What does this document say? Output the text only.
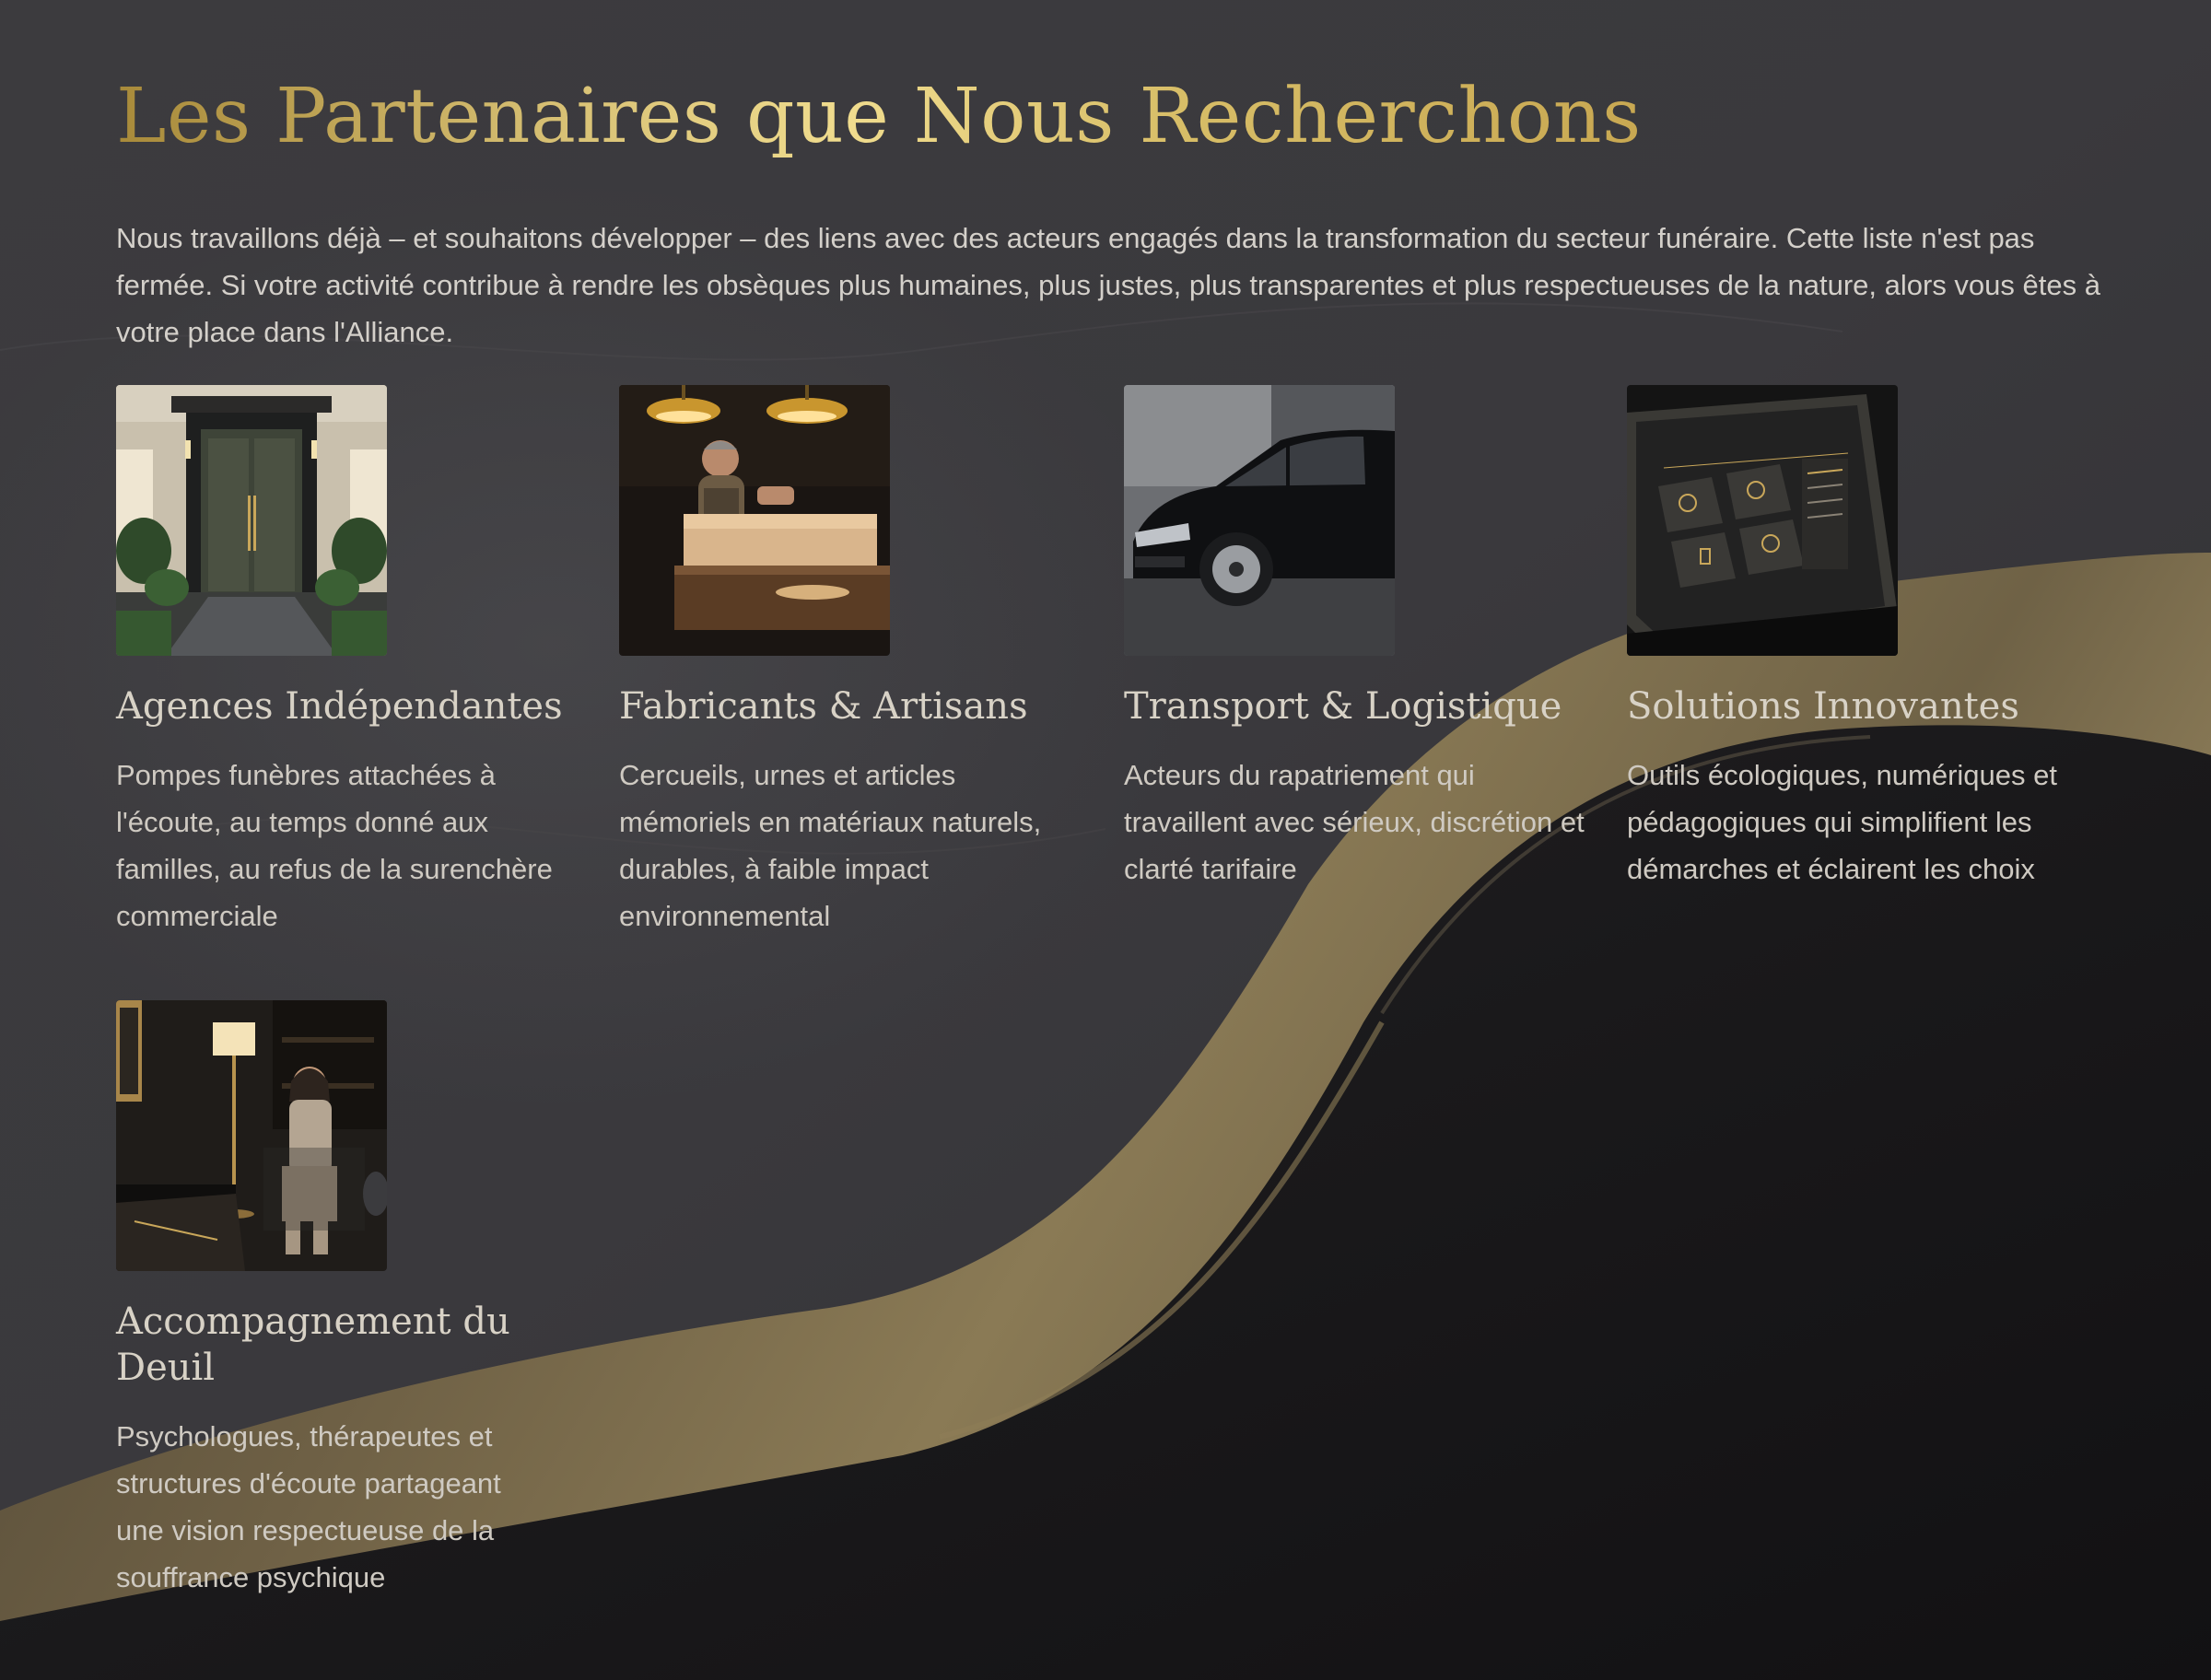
Les Partenaires que Nous Recherchons

Nous travaillons déjà – et souhaitons développer – des liens avec des acteurs engagés dans la transformation du secteur funéraire. Cette liste n'est pas fermée. Si votre activité contribue à rendre les obsèques plus humaines, plus justes, plus transparentes et plus respectueuses de la nature, alors vous êtes à votre place dans l'Alliance.

Agences Indépendantes

Pompes funèbres attachées à l'écoute, au temps donné aux familles, au refus de la surenchère commerciale

Fabricants & Artisans

Cercueils, urnes et articles mémoriels en matériaux naturels, durables, à faible impact environnemental

Transport & Logistique

Acteurs du rapatriement qui travaillent avec sérieux, discrétion et clarté tarifaire

Solutions Innovantes

Outils écologiques, numériques et pédagogiques qui simplifient les démarches et éclairent les choix

Accompagnement du Deuil

Psychologues, thérapeutes et structures d'écoute partageant une vision respectueuse de la souffrance psychique
